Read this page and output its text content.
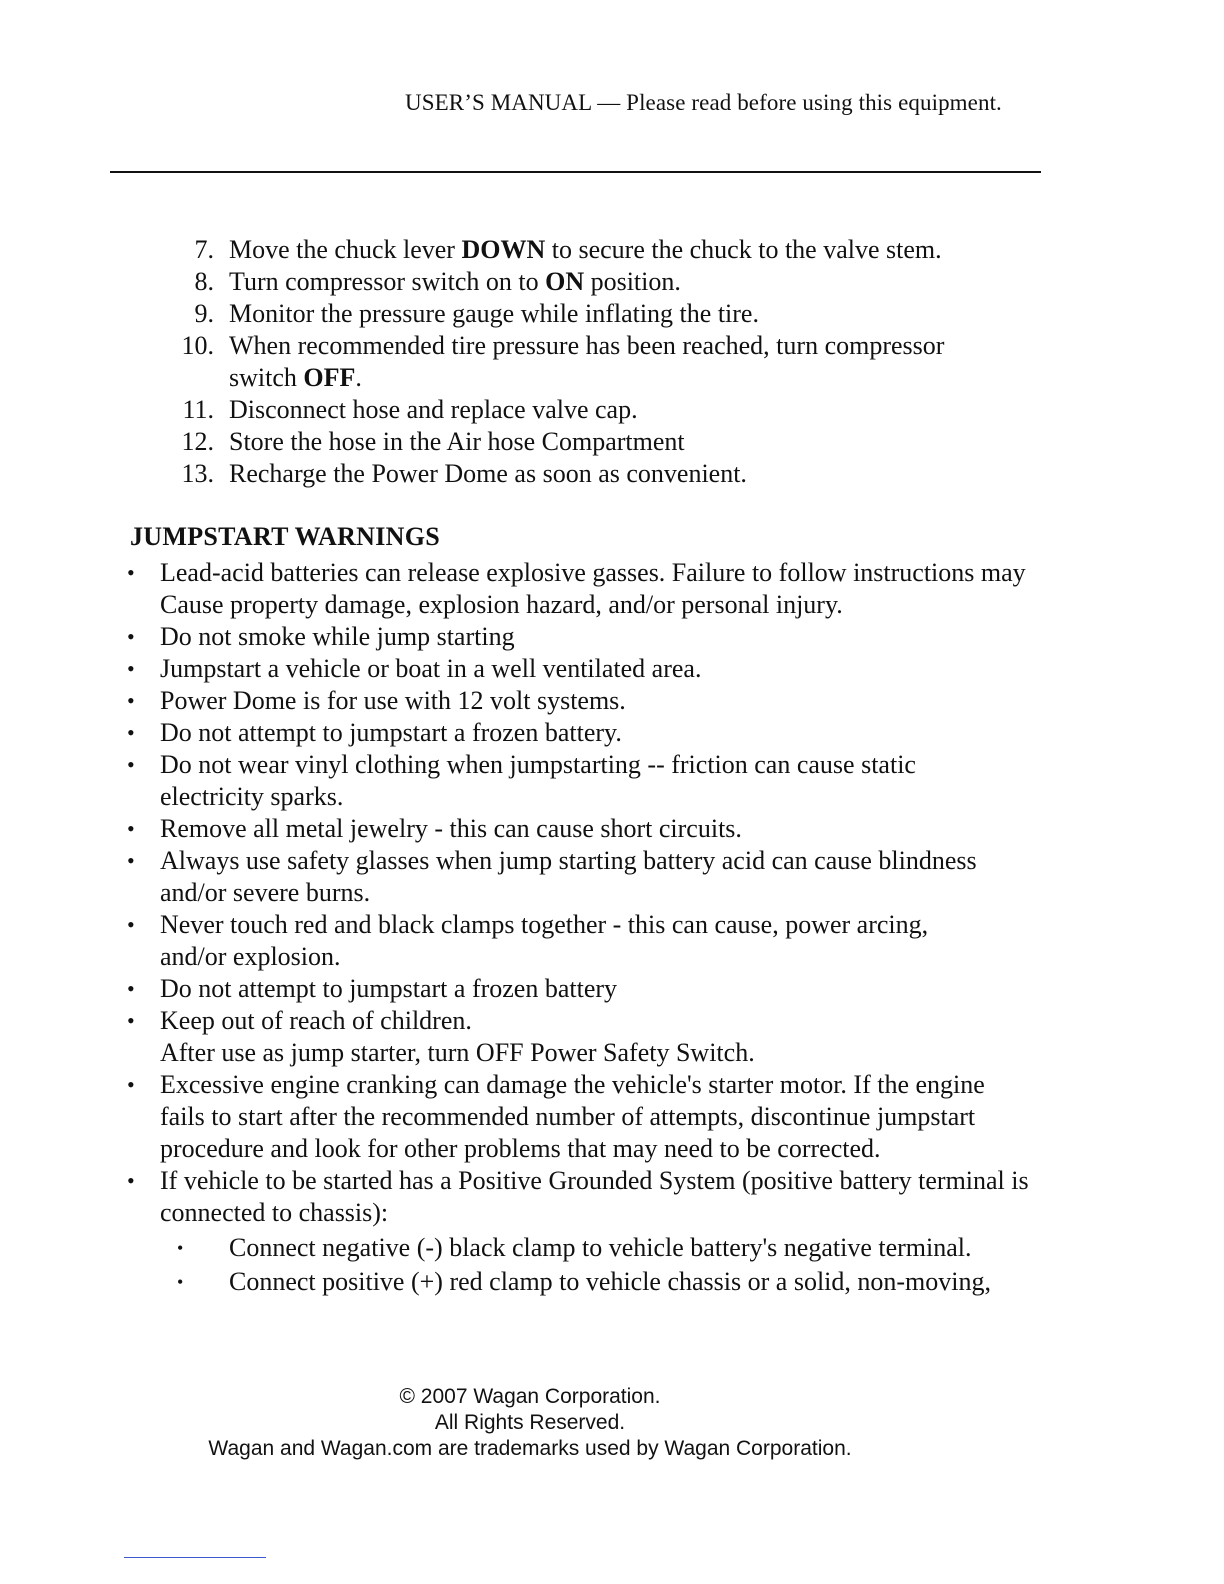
USER’S MANUAL — Please read before using this equipment.
7. Move the chuck lever DOWN to secure the chuck to the valve stem.
8. Turn compressor switch on to ON position.
9. Monitor the pressure gauge while inflating the tire.
10. When recommended tire pressure has been reached, turn compressor switch OFF.
11. Disconnect hose and replace valve cap.
12. Store the hose in the Air hose Compartment
13. Recharge the Power Dome as soon as convenient.
JUMPSTART WARNINGS
• Lead-acid batteries can release explosive gasses. Failure to follow instructions may Cause property damage, explosion hazard, and/or personal injury.
• Do not smoke while jump starting
• Jumpstart a vehicle or boat in a well ventilated area.
• Power Dome is for use with 12 volt systems.
• Do not attempt to jumpstart a frozen battery.
• Do not wear vinyl clothing when jumpstarting -- friction can cause static electricity sparks.
• Remove all metal jewelry - this can cause short circuits.
• Always use safety glasses when jump starting battery acid can cause blindness and/or severe burns.
• Never touch red and black clamps together - this can cause, power arcing, and/or explosion.
• Do not attempt to jumpstart a frozen battery
• Keep out of reach of children.
After use as jump starter, turn OFF Power Safety Switch.
• Excessive engine cranking can damage the vehicle's starter motor. If the engine fails to start after the recommended number of attempts, discontinue jumpstart procedure and look for other problems that may need to be corrected.
• If vehicle to be started has a Positive Grounded System (positive battery terminal is connected to chassis):
• Connect negative (-) black clamp to vehicle battery's negative terminal.
• Connect positive (+) red clamp to vehicle chassis or a solid, non-moving,
© 2007 Wagan Corporation.
All Rights Reserved.
Wagan and Wagan.com are trademarks used by Wagan Corporation.
